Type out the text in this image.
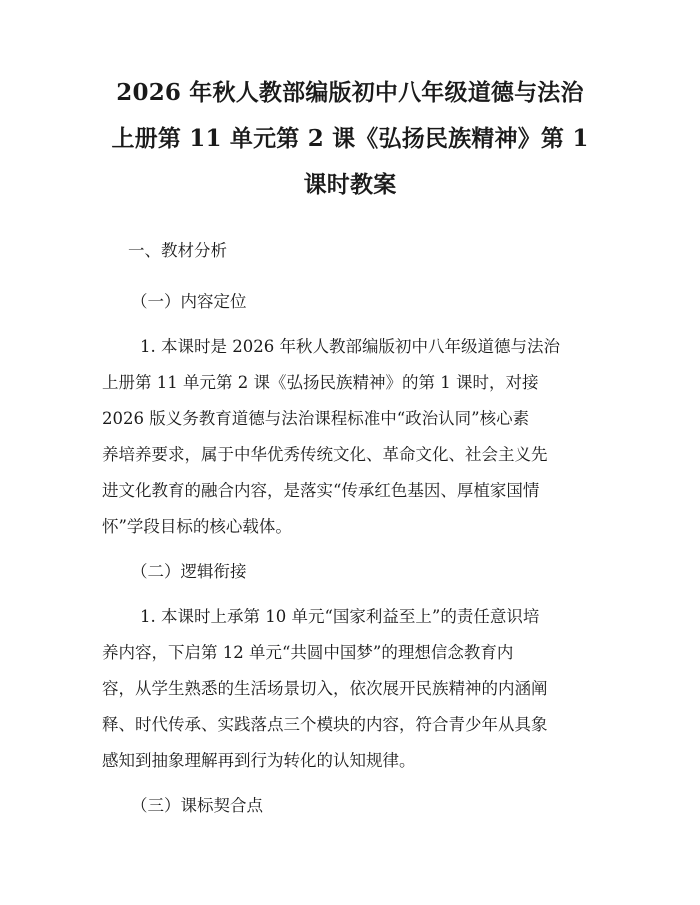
2026 年秋人教部编版初中八年级道德与法治
上册第 11 单元第 2 课《弘扬民族精神》第 1
课时教案
一、教材分析
（一）内容定位
1. 本课时是 2026 年秋人教部编版初中八年级道德与法治
上册第 11 单元第 2 课《弘扬民族精神》的第 1 课时，对接
2026 版义务教育道德与法治课程标准中“政治认同”核心素
养培养要求，属于中华优秀传统文化、革命文化、社会主义先
进文化教育的融合内容，是落实“传承红色基因、厚植家国情
怀”学段目标的核心载体。
（二）逻辑衔接
1. 本课时上承第 10 单元“国家利益至上”的责任意识培
养内容，下启第 12 单元“共圆中国梦”的理想信念教育内
容，从学生熟悉的生活场景切入，依次展开民族精神的内涵阐
释、时代传承、实践落点三个模块的内容，符合青少年从具象
感知到抽象理解再到行为转化的认知规律。
（三）课标契合点
